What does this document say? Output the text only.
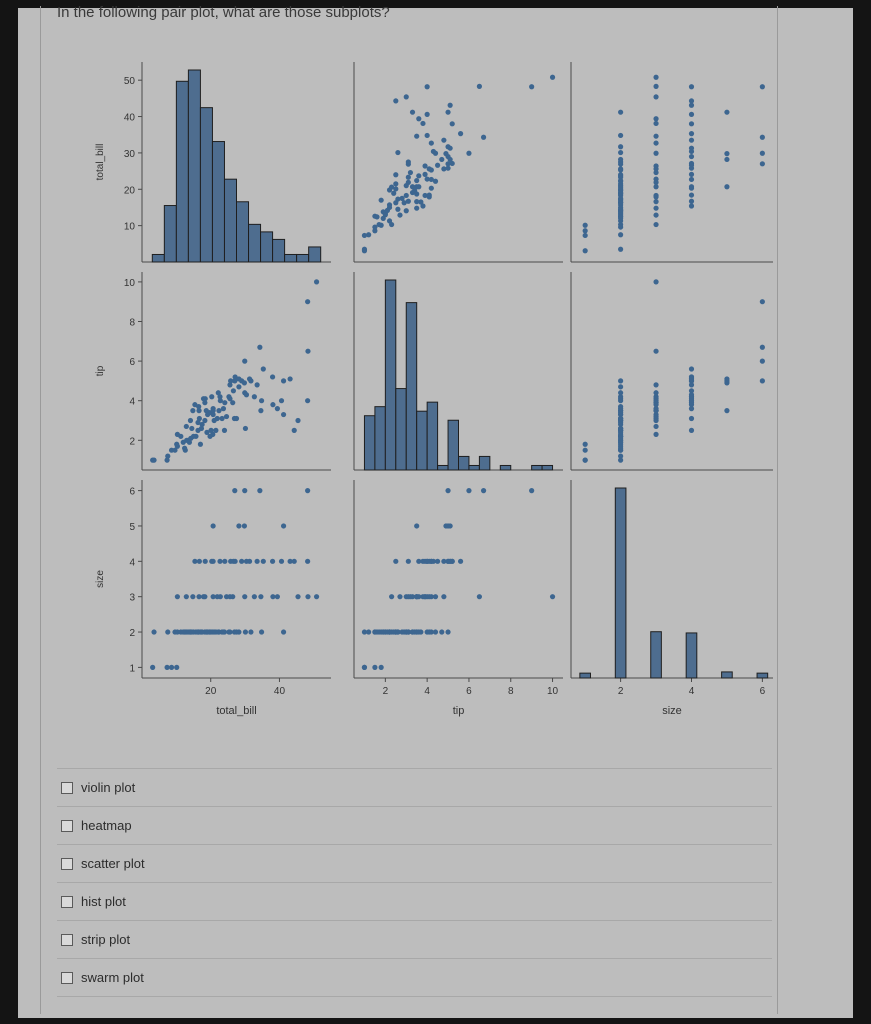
In the following pair plot, what are those subplots?
10
20
30
40
50
total_bill
2
4
6
8
10
tip
1
2
3
4
5
6
size
20	40
total_bill
2	4	6	8	10
tip
2	4	6
size
violin plot
heatmap
scatter plot
hist plot
strip plot
swarm plot
